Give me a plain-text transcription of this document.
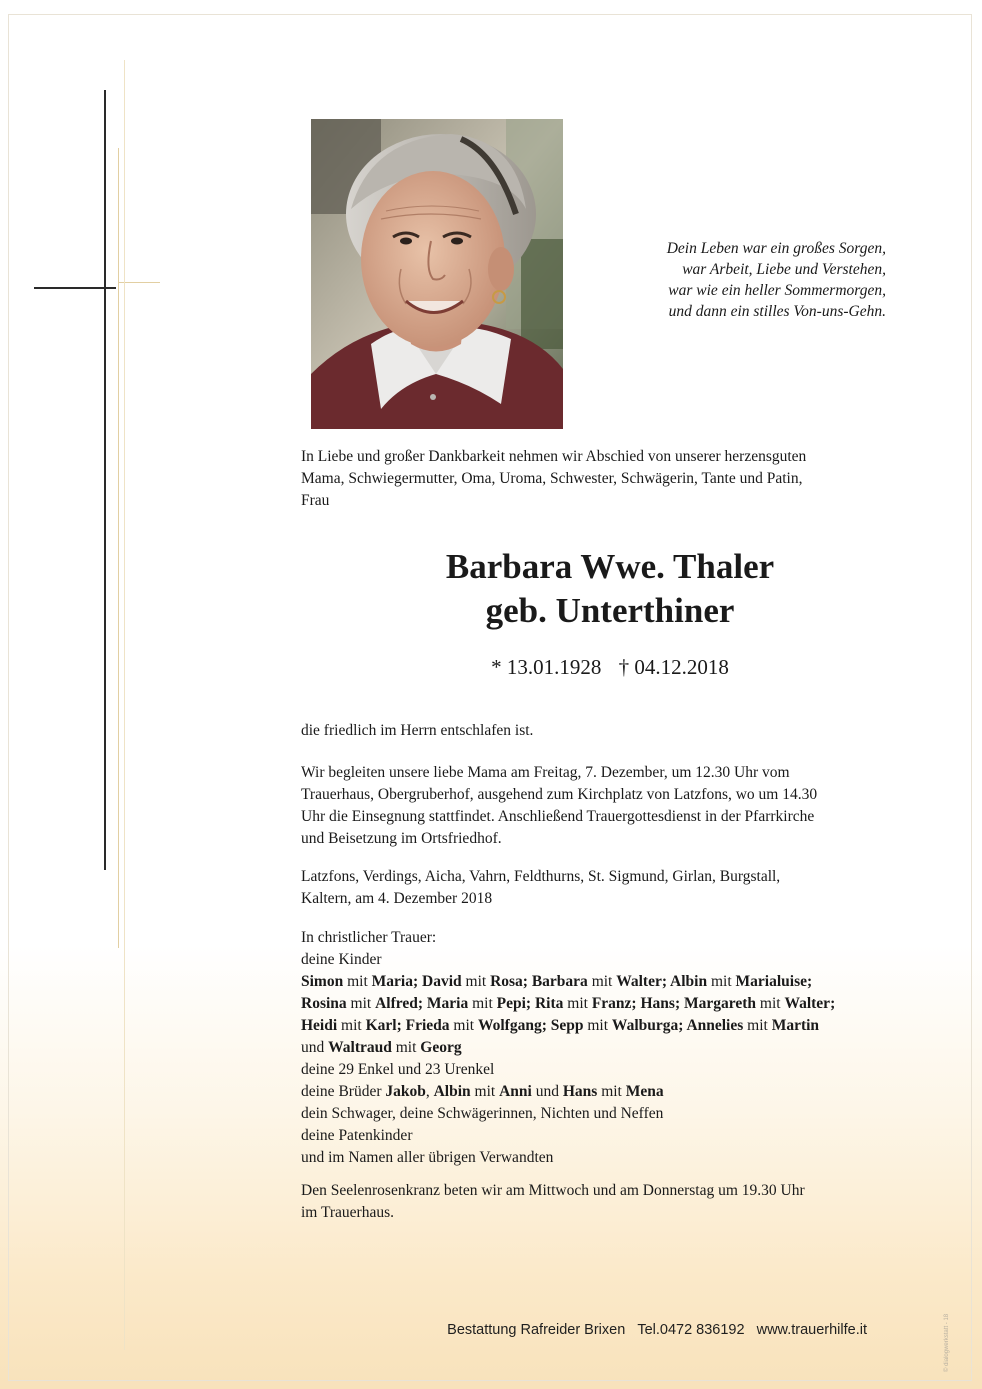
Dein Leben war ein großes Sorgen,
war Arbeit, Liebe und Verstehen,
war wie ein heller Sommermorgen,
und dann ein stilles Von-uns-Gehn.
In Liebe und großer Dankbarkeit nehmen wir Abschied von unserer herzensguten
Mama, Schwiegermutter, Oma, Uroma, Schwester, Schwägerin, Tante und Patin,
Frau
Barbara Wwe. Thaler
geb. Unterthiner
* 13.01.1928 † 04.12.2018
die friedlich im Herrn entschlafen ist.
Wir begleiten unsere liebe Mama am Freitag, 7. Dezember, um 12.30 Uhr vom
Trauerhaus, Obergruberhof, ausgehend zum Kirchplatz von Latzfons, wo um 14.30
Uhr die Einsegnung stattfindet. Anschließend Trauergottesdienst in der Pfarrkirche
und Beisetzung im Ortsfriedhof.
Latzfons, Verdings, Aicha, Vahrn, Feldthurns, St. Sigmund, Girlan, Burgstall,
Kaltern, am 4. Dezember 2018
In christlicher Trauer:
deine Kinder
Simon mit Maria; David mit Rosa; Barbara mit Walter; Albin mit Marialuise;
Rosina mit Alfred; Maria mit Pepi; Rita mit Franz; Hans; Margareth mit Walter;
Heidi mit Karl; Frieda mit Wolfgang; Sepp mit Walburga; Annelies mit Martin
und Waltraud mit Georg
deine 29 Enkel und 23 Urenkel
deine Brüder Jakob, Albin mit Anni und Hans mit Mena
dein Schwager, deine Schwägerinnen, Nichten und Neffen
deine Patenkinder
und im Namen aller übrigen Verwandten
Den Seelenrosenkranz beten wir am Mittwoch und am Donnerstag um 19.30 Uhr
im Trauerhaus.
Bestattung Rafreider Brixen Tel.0472 836192 www.trauerhilfe.it	© dialogwerkstatt - 18
